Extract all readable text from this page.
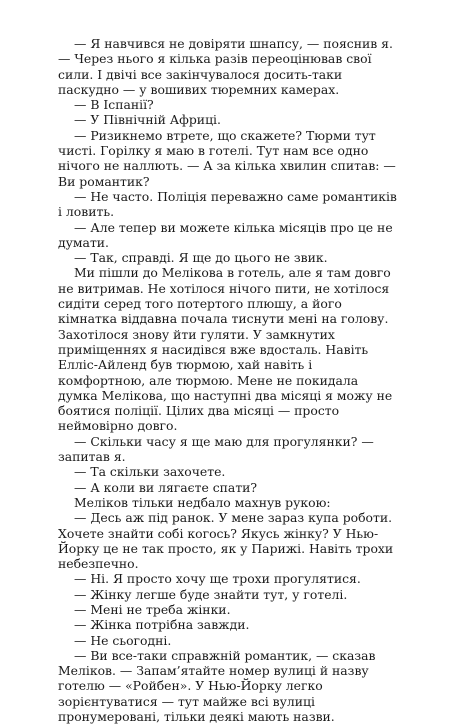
— Я навчився не довіряти шнапсу, — пояснив я. — Через нього я кілька разів переоцінював свої сили. І двічі все закінчувалося досить-таки паскудно — у вошивих тюремних камерах.

— В Іспанії?

— У Північній Африці.

— Ризикнемо втрете, що скажете? Тюрми тут чисті. Горілку я маю в готелі. Тут нам все одно нічого не наллють. — А за кілька хвилин спитав: — Ви романтик?

— Не часто. Поліція переважно саме романтиків і ловить.

— Але тепер ви можете кілька місяців про це не думати.

— Так, справді. Я ще до цього не звик.

Ми пішли до Мелікова в готель, але я там довго не витримав. Не хотілося нічого пити, не хотілося сидіти серед того потертого плюшу, а його кімнатка віддавна почала тиснути мені на голову. Захотілося знову йти гуляти. У замкнутих приміщеннях я насидівся вже вдосталь. Навіть Елліс-Айленд був тюрмою, хай навіть і комфортною, але тюрмою. Мене не покидала думка Мелікова, що наступні два місяці я можу не боятися поліції. Цілих два місяці — просто неймовірно довго.

— Скільки часу я ще маю для прогулянки? — запитав я.

— Та скільки захочете.

— А коли ви лягаєте спати?

Меліков тільки недбало махнув рукою:

— Десь аж під ранок. У мене зараз купа роботи. Хочете знайти собі когось? Якусь жінку? У Нью-Йорку це не так просто, як у Парижі. Навіть трохи небезпечно.

— Ні. Я просто хочу ще трохи прогулятися.

— Жінку легше буде знайти тут, у готелі.

— Мені не треба жінки.

— Жінка потрібна завжди.

— Не сьогодні.

— Ви все-таки справжній романтик, — сказав Меліков. — Запам’ятайте номер вулиці й назву готелю — «Ройбен». У Нью-Йорку легко зорієнтуватися — тут майже всі вулиці пронумеровані, тільки деякі мають назви.
